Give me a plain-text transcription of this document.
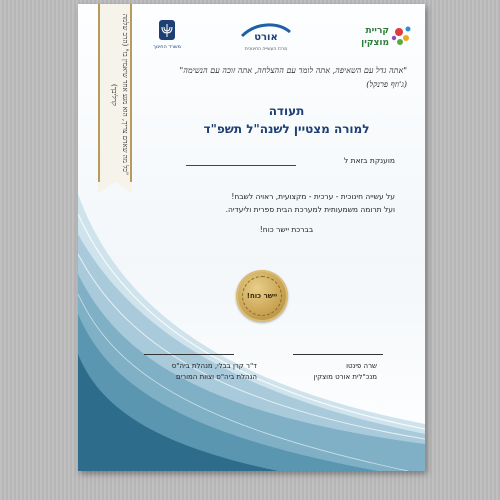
"כל מה שאדם צריך, הוא מגע אחד שיאמין בו" (הרב שלמה קרליבך)
קריית
מוצקין
אורט
מרכז העשייה החינוכית
משרד החינוך
"אתה גדל עם השאיפה, אתה לומד עם ההצלחה, אתה זוכה עם הנשימה"
(ג'וזף פרנקל)
תעודה
למורה מצטיין לשנה"ל תשפ"ד
מוענקת בזאת ל
על עשייה חינוכית - ערכית - מקצועית, ראויה לשבח!
ועל תרומה משמעותית למערכת הבית ספרית וליעדיה.
בברכת יישר כוח!
יישר כוח!
שרה פינטו
מנכ"לית אורט מוצקין
ד"ר קרן בבלי, מנהלת ביה"ס
הנהלת ביה"ס וצוות המורים
